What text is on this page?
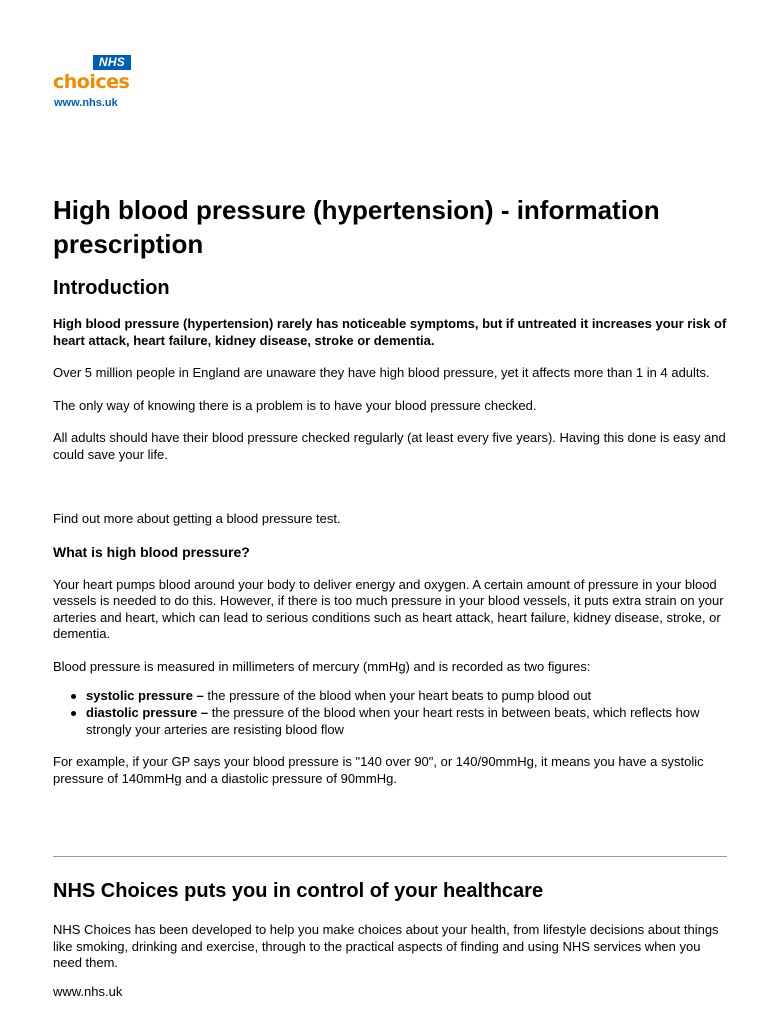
NHS
choices
www.nhs.uk
High blood pressure (hypertension) - information prescription
Introduction

High blood pressure (hypertension) rarely has noticeable symptoms, but if untreated it increases your risk of heart attack, heart failure, kidney disease, stroke or dementia.

Over 5 million people in England are unaware they have high blood pressure, yet it affects more than 1 in 4 adults.

The only way of knowing there is a problem is to have your blood pressure checked.

All adults should have their blood pressure checked regularly (at least every five years). Having this done is easy and could save your life.

Find out more about getting a blood pressure test.

What is high blood pressure?

Your heart pumps blood around your body to deliver energy and oxygen. A certain amount of pressure in your blood vessels is needed to do this. However, if there is too much pressure in your blood vessels, it puts extra strain on your arteries and heart, which can lead to serious conditions such as heart attack, heart failure, kidney disease, stroke, or dementia.

Blood pressure is measured in millimeters of mercury (mmHg) and is recorded as two figures:

systolic pressure – the pressure of the blood when your heart beats to pump blood out
diastolic pressure – the pressure of the blood when your heart rests in between beats, which reflects how strongly your arteries are resisting blood flow

For example, if your GP says your blood pressure is "140 over 90", or 140/90mmHg, it means you have a systolic pressure of 140mmHg and a diastolic pressure of 90mmHg.

NHS Choices puts you in control of your healthcare

NHS Choices has been developed to help you make choices about your health, from lifestyle decisions about things like smoking, drinking and exercise, through to the practical aspects of finding and using NHS services when you need them.

www.nhs.uk
